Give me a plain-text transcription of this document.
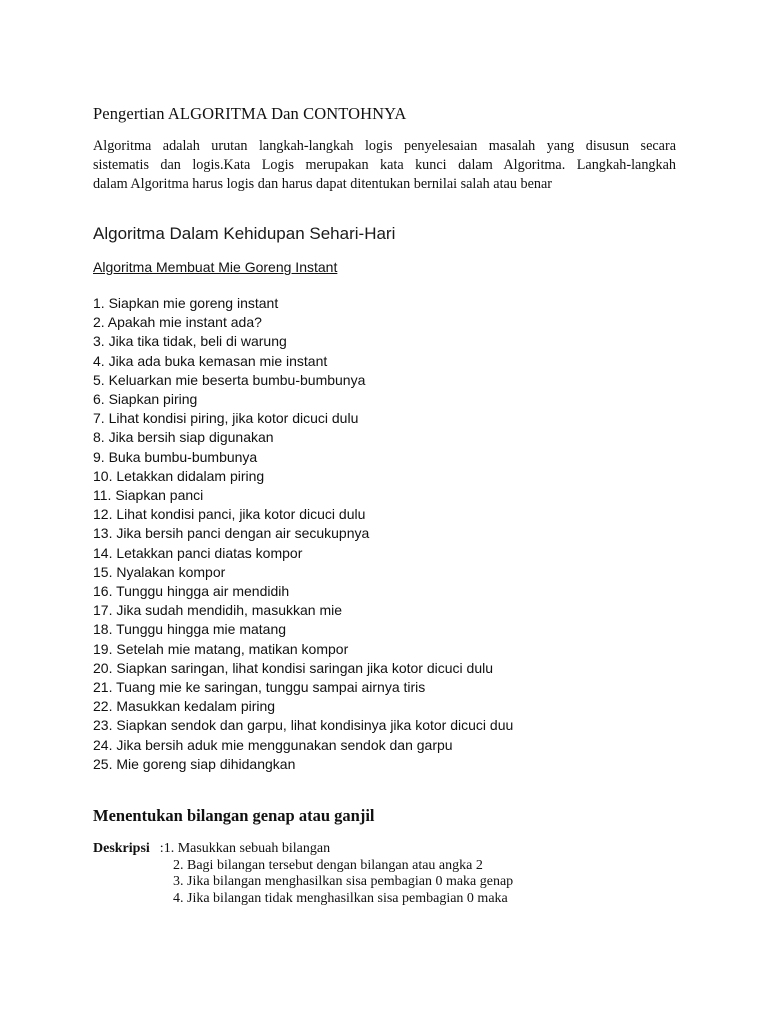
Pengertian ALGORITMA Dan CONTOHNYA

Algoritma adalah urutan langkah-langkah logis penyelesaian masalah yang disusun secara
sistematis dan logis.Kata Logis merupakan kata kunci dalam Algoritma. Langkah-langkah
dalam Algoritma harus logis dan harus dapat ditentukan bernilai salah atau benar

Algoritma Dalam Kehidupan Sehari-Hari

Algoritma Membuat Mie Goreng Instant

1. Siapkan mie goreng instant
2. Apakah mie instant ada?
3. Jika tika tidak, beli di warung
4. Jika ada buka kemasan mie instant
5. Keluarkan mie beserta bumbu-bumbunya
6. Siapkan piring
7. Lihat kondisi piring, jika kotor dicuci dulu
8. Jika bersih siap digunakan
9. Buka bumbu-bumbunya
10. Letakkan didalam piring
11. Siapkan panci
12. Lihat kondisi panci, jika kotor dicuci dulu
13. Jika bersih panci dengan air secukupnya
14. Letakkan panci diatas kompor
15. Nyalakan kompor
16. Tunggu hingga air mendidih
17. Jika sudah mendidih, masukkan mie
18. Tunggu hingga mie matang
19. Setelah mie matang, matikan kompor
20. Siapkan saringan, lihat kondisi saringan jika kotor dicuci dulu
21. Tuang mie ke saringan, tunggu sampai airnya tiris
22. Masukkan kedalam piring
23. Siapkan sendok dan garpu, lihat kondisinya jika kotor dicuci duu
24. Jika bersih aduk mie menggunakan sendok dan garpu
25. Mie goreng siap dihidangkan
Menentukan bilangan genap atau ganjil
Deskripsi :1. Masukkan sebuah bilangan
2. Bagi bilangan tersebut dengan bilangan atau angka 2
3. Jika bilangan menghasilkan sisa pembagian 0 maka genap
4. Jika bilangan tidak menghasilkan sisa pembagian 0 maka
